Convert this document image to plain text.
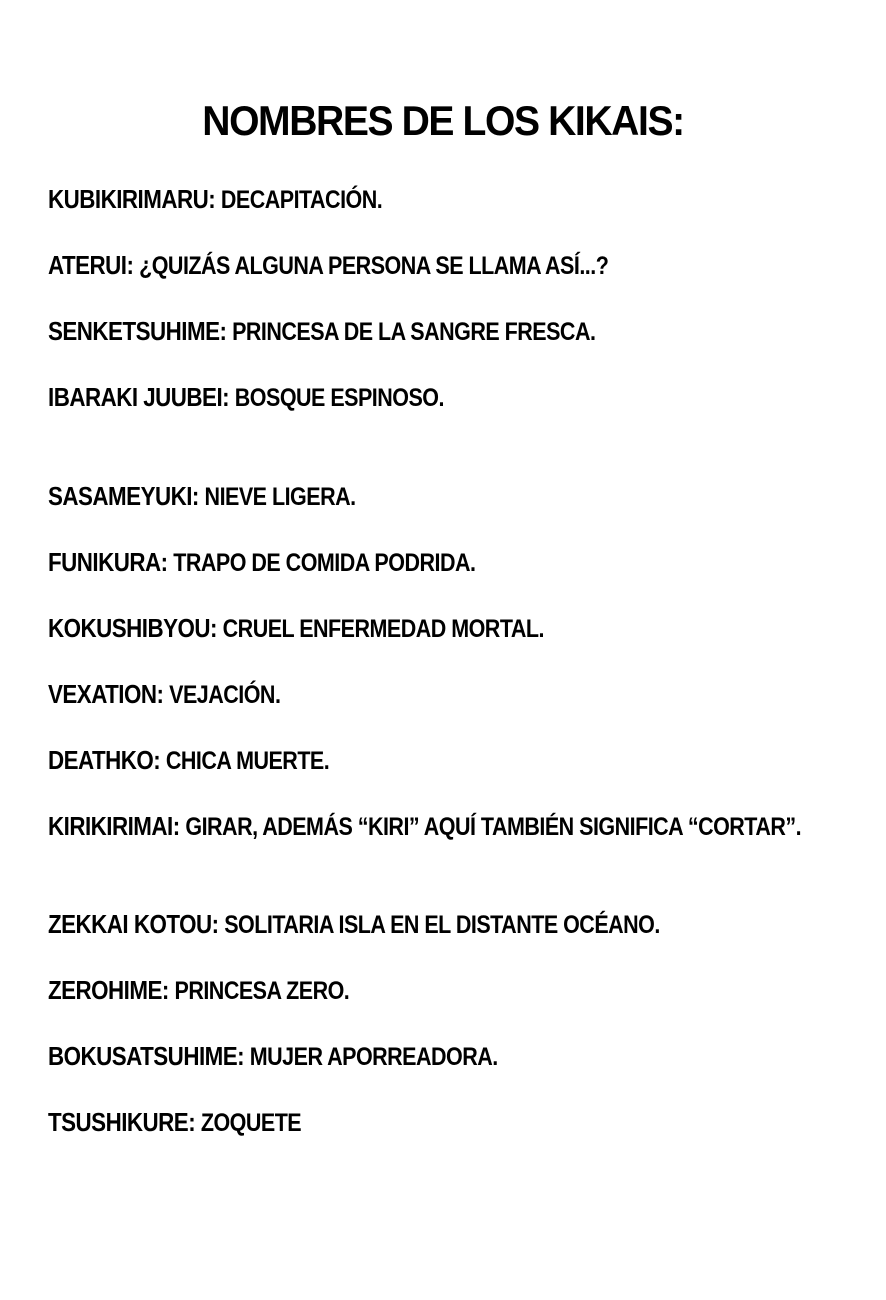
NOMBRES DE LOS KIKAIS:
KUBIKIRIMARU: DECAPITACIÓN.
ATERUI: ¿QUIZÁS ALGUNA PERSONA SE LLAMA ASÍ...?
SENKETSUHIME: PRINCESA DE LA SANGRE FRESCA.
IBARAKI JUUBEI: BOSQUE ESPINOSO.
SASAMEYUKI: NIEVE LIGERA.
FUNIKURA: TRAPO DE COMIDA PODRIDA.
KOKUSHIBYOU: CRUEL ENFERMEDAD MORTAL.
VEXATION: VEJACIÓN.
DEATHKO: CHICA MUERTE.
KIRIKIRIMAI: GIRAR, ADEMÁS “KIRI” AQUÍ TAMBIÉN SIGNIFICA “CORTAR”.
ZEKKAI KOTOU: SOLITARIA ISLA EN EL DISTANTE OCÉANO.
ZEROHIME: PRINCESA ZERO.
BOKUSATSUHIME: MUJER APORREADORA.
TSUSHIKURE: ZOQUETE
